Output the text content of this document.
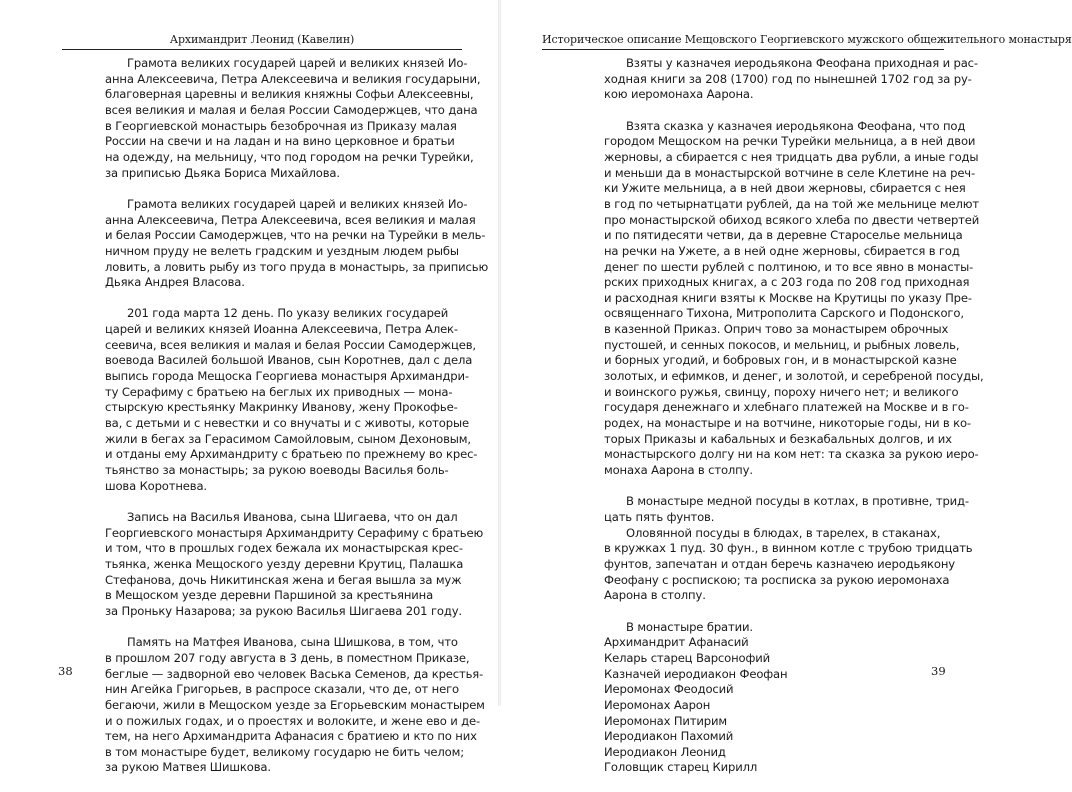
Архимандрит Леонид (Кавелин)
Грамота великих государей царей и великих князей Ио-
анна Алексеевича, Петра Алексеевича и великия государыни,
благоверная царевны и великия княжны Софьи Алексеевны,
всея великия и малая и белая России Самодержцев, что дана
в Георгиевской монастырь безоброчная из Приказу малая
России на свечи и на ладан и на вино церковное и братьи
на одежду, на мельницу, что под городом на речки Турейки,
за приписью Дьяка Бориса Михайлова.
Грамота великих государей царей и великих князей Ио-
анна Алексеевича, Петра Алексеевича, всея великия и малая
и белая России Самодержцев, что на речки на Турейки в мель-
ничном пруду не велеть градским и уездным людем рыбы
ловить, а ловить рыбу из того пруда в монастырь, за приписью
Дьяка Андрея Власова.
201 года марта 12 день. По указу великих государей
царей и великих князей Иоанна Алексеевича, Петра Алек-
сеевича, всея великия и малая и белая России Самодержцев,
воевода Василей большой Иванов, сын Коротнев, дал с дела
выпись города Мещоска Георгиева монастыря Архимандри-
ту Серафиму с братьею на беглых их приводных — мона-
стырскую крестьянку Макринку Иванову, жену Прокофье-
ва, с детьми и с невестки и со внучаты и с животы, которые
жили в бегах за Герасимом Самойловым, сыном Дехоновым,
и отданы ему Архимандриту с братьею по прежнему во крес-
тьянство за монастырь; за рукою воеводы Василья боль-
шова Коротнева.
Запись на Василья Иванова, сына Шигаева, что он дал
Георгиевского монастыря Архимандриту Серафиму с братьею
и том, что в прошлых годех бежала их монастырская крес-
тьянка, женка Мещоского уезду деревни Крутиц, Палашка
Стефанова, дочь Никитинская жена и бегая вышла за муж
в Мещоском уезде деревни Паршиной за крестьянина
за Проньку Назарова; за рукою Василья Шигаева 201 году.
Память на Матфея Иванова, сына Шишкова, в том, что
в прошлом 207 году августа в 3 день, в поместном Приказе,
беглые — задворной ево человек Васька Семенов, да крестья-
нин Агейка Григорьев, в распросе сказали, что де, от него
бегаючи, жили в Мещоском уезде за Егорьевским монастырем
и о пожилых годах, и о проестях и волоките, и жене ево и де-
тем, на него Архимандрита Афанасия с братиею и кто по них
в том монастыре будет, великому государю не бить челом;
за рукою Матвея Шишкова.
38
Историческое описание Мещовского Георгиевского мужского общежительного монастыря
Взяты у казначея иеродьякона Феофана приходная и рас-
ходная книги за 208 (1700) год по нынешней 1702 год за ру-
кою иеромонаха Аарона.
Взята сказка у казначея иеродьякона Феофана, что под
городом Мещоском на речки Турейки мельница, а в ней двои
жерновы, а сбирается с нея тридцать два рубли, а иные годы
и меньши да в монастырской вотчине в селе Клетине на реч-
ки Ужите мельница, а в ней двои жерновы, сбирается с нея
в год по четырнатцати рублей, да на той же мельнице мелют
про монастырской обиход всякого хлеба по двести четвертей
и по пятидесяти четви, да в деревне Староселье мельница
на речки на Ужете, а в ней одне жерновы, сбирается в год
денег по шести рублей с полтиною, и то все явно в монасты-
рских приходных книгах, а с 203 года по 208 год приходная
и расходная книги взяты к Москве на Крутицы по указу Пре-
освященнаго Тихона, Митрополита Сарского и Подонского,
в казенной Приказ. Оприч тово за монастырем оброчных
пустошей, и сенных покосов, и мельниц, и рыбных ловель,
и борных угодий, и бобровых гон, и в монастырской казне
золотых, и ефимков, и денег, и золотой, и серебреной посуды,
и воинского ружья, свинцу, пороху ничего нет; и великого
государя денежнаго и хлебнаго платежей на Москве и в го-
родех, на монастыре и на вотчине, никоторые годы, ни в ко-
торых Приказы и кабальных и безкабальных долгов, и их
монастырского долгу ни на ком нет: та сказка за рукою иеро-
монаха Аарона в столпу.
В монастыре медной посуды в котлах, в противне, трид-
цать пять фунтов.
Оловянной посуды в блюдах, в тарелех, в стаканах,
в кружках 1 пуд. 30 фун., в винном котле с трубою тридцать
фунтов, запечатан и отдан беречь казначею иеродьякону
Феофану с роспискою; та росписка за рукою иеромонаха
Аарона в столпу.
В монастыре братии.
Архимандрит Афанасий
Келарь старец Варсонофий
Казначей иеродиакон Феофан
Иеромонах Феодосий
Иеромонах Аарон
Иеромонах Питирим
Иеродиакон Пахомий
Иеродиакон Леонид
Головщик старец Кирилл
39
